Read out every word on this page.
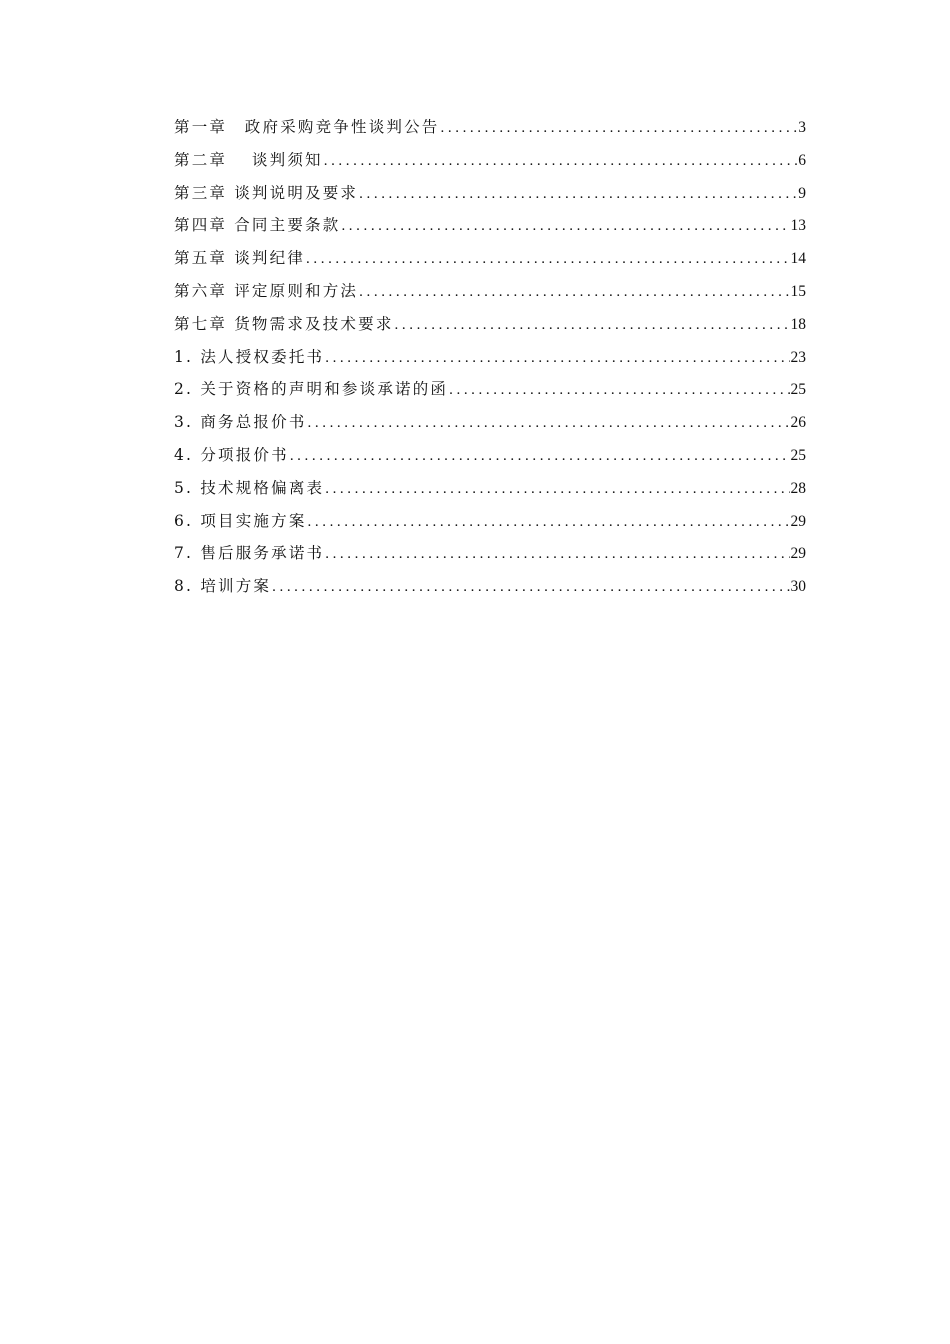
第一章　政府采购竞争性谈判公告 .....	3
第二章　 谈判须知 .....	6
第三章 谈判说明及要求 .....	9
第四章 合同主要条款 .....	13
第五章 谈判纪律 .....	14
第六章 评定原则和方法 .....	15
第七章 货物需求及技术要求 .....	18
1. 法人授权委托书 .....	23
2. 关于资格的声明和参谈承诺的函 .....	25
3. 商务总报价书 .....	26
4. 分项报价书 .....	25
5. 技术规格偏离表 .....	28
6. 项目实施方案 .....	29
7. 售后服务承诺书 .....	29
8. 培训方案 .....	30
